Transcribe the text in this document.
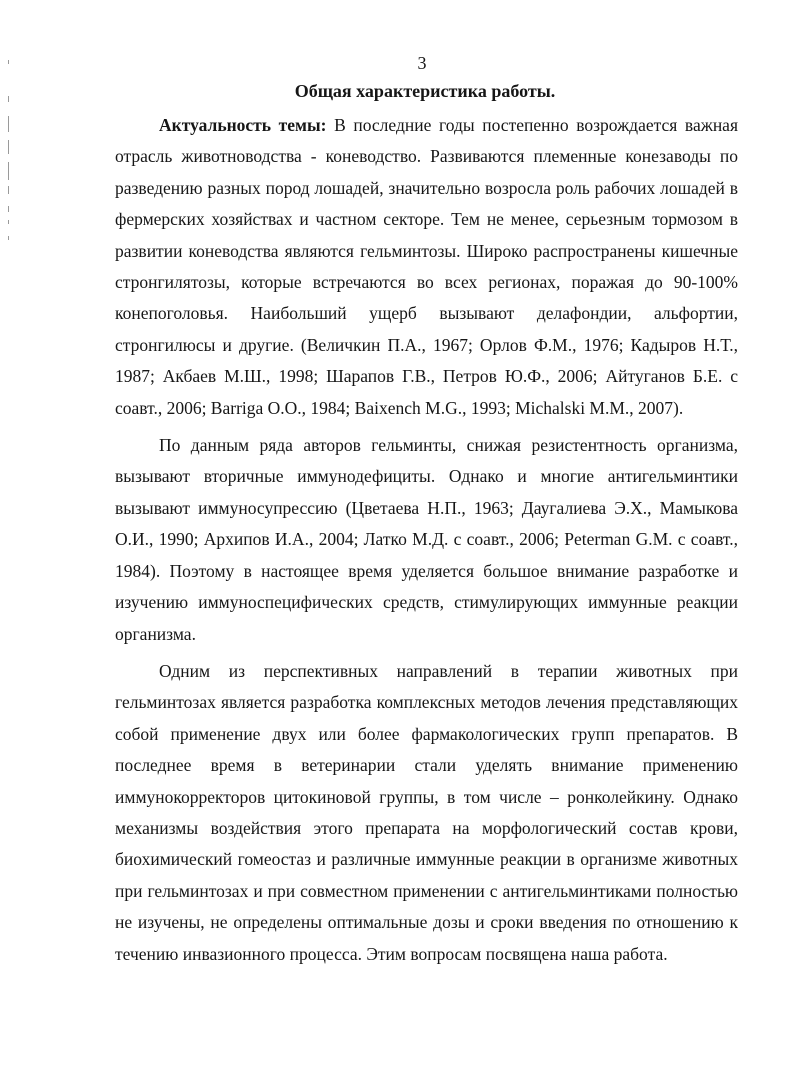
3
Общая характеристика работы.

Актуальность темы: В последние годы постепенно возрождается важная отрасль животноводства - коневодство. Развиваются племенные конезаводы по разведению разных пород лошадей, значительно возросла роль рабочих лошадей в фермерских хозяйствах и частном секторе. Тем не менее, серьезным тормозом в развитии коневодства являются гельминтозы. Широко распространены кишечные стронгилятозы, которые встречаются во всех регионах, поражая до 90-100% конепоголовья. Наибольший ущерб вызывают делафондии, альфортии, стронгилюсы и другие. (Величкин П.А., 1967; Орлов Ф.М., 1976; Кадыров Н.Т., 1987; Акбаев М.Ш., 1998; Шарапов Г.В., Петров Ю.Ф., 2006; Айтуганов Б.Е. с соавт., 2006; Barriga O.O., 1984; Baixench M.G., 1993; Michalski M.M., 2007).

По данным ряда авторов гельминты, снижая резистентность организма, вызывают вторичные иммунодефициты. Однако и многие антигельминтики вызывают иммуносупрессию (Цветаева Н.П., 1963; Даугалиева Э.Х., Мамыкова О.И., 1990; Архипов И.А., 2004; Латко М.Д. с соавт., 2006; Peterman G.M. с соавт., 1984). Поэтому в настоящее время уделяется большое внимание разработке и изучению иммуноспецифических средств, стимулирующих иммунные реакции организма.

Одним из перспективных направлений в терапии животных при гельминтозах является разработка комплексных методов лечения представляющих собой применение двух или более фармакологических групп препаратов. В последнее время в ветеринарии стали уделять внимание применению иммунокорректоров цитокиновой группы, в том числе – ронколейкину. Однако механизмы воздействия этого препарата на морфологический состав крови, биохимический гомеостаз и различные иммунные реакции в организме животных при гельминтозах и при совместном применении с антигельминтиками полностью не изучены, не определены оптимальные дозы и сроки введения по отношению к течению инвазионного процесса. Этим вопросам посвящена наша работа.
